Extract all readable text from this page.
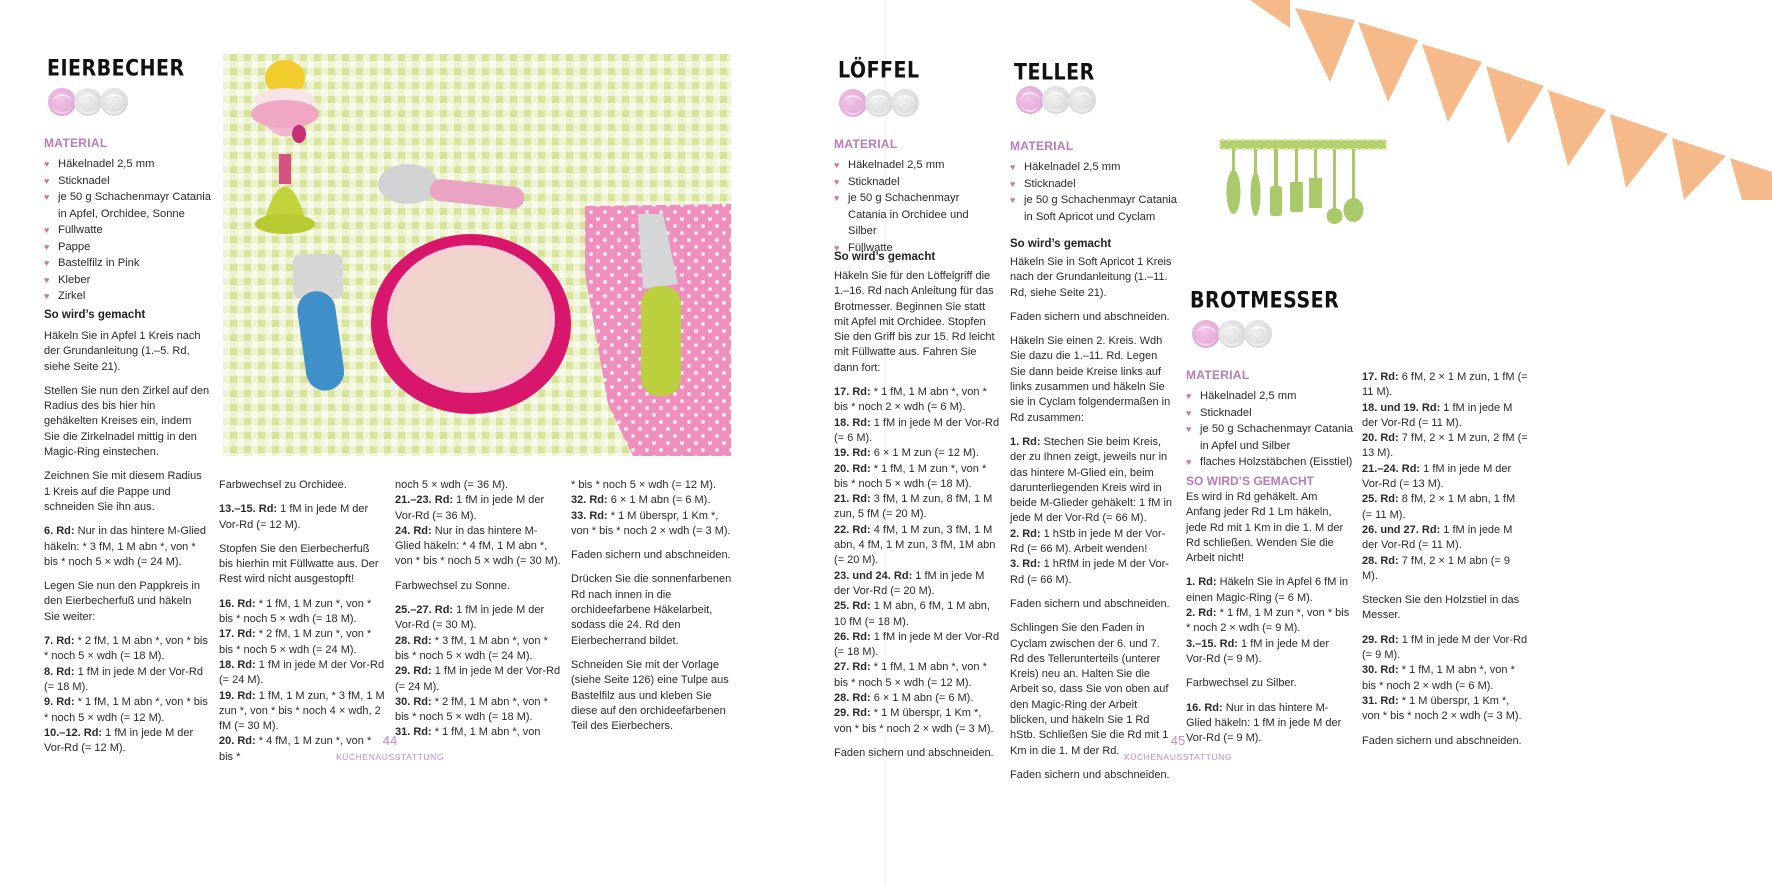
EIERBECHER
MATERIAL
♥ Häkelnadel 2,5 mm
♥ Sticknadel
♥ je 50 g Schachenmayr Catania in Apfel, Orchidee, Sonne
♥ Füllwatte
♥ Pappe
♥ Bastelfilz in Pink
♥ Kleber
♥ Zirkel
So wird’s gemacht

Häkeln Sie in Apfel 1 Kreis nach der Grundanleitung (1.–5. Rd, siehe Seite 21).

Stellen Sie nun den Zirkel auf den Radius des bis hier hin gehäkelten Kreises ein, indem Sie die Zirkelnadel mittig in den Magic-Ring einstechen.

Zeichnen Sie mit diesem Radius 1 Kreis auf die Pappe und schneiden Sie ihn aus.

6. Rd: Nur in das hintere M-Glied häkeln: * 3 fM, 1 M abn *, von * bis * noch 5 × wdh (= 24 M).

Legen Sie nun den Pappkreis in den Eierbecherfuß und häkeln Sie weiter:

7. Rd: * 2 fM, 1 M abn *, von * bis * noch 5 × wdh (= 18 M).
8. Rd: 1 fM in jede M der Vor-Rd (= 18 M).
9. Rd: * 1 fM, 1 M abn *, von * bis * noch 5 × wdh (= 12 M).
10.–12. Rd: 1 fM in jede M der Vor-Rd (= 12 M).

Farbwechsel zu Orchidee.

13.–15. Rd: 1 fM in jede M der Vor-Rd (= 12 M).

Stopfen Sie den Eierbecherfuß bis hierhin mit Füllwatte aus. Der Rest wird nicht ausgestopft!

16. Rd: * 1 fM, 1 M zun *, von * bis * noch 5 × wdh (= 18 M).
17. Rd: * 2 fM, 1 M zun *, von * bis * noch 5 × wdh (= 24 M).
18. Rd: 1 fM in jede M der Vor-Rd (= 24 M).
19. Rd: 1 fM, 1 M zun, * 3 fM, 1 M zun *, von * bis * noch 4 × wdh, 2 fM (= 30 M).
20. Rd: * 4 fM, 1 M zun *, von * bis *

noch 5 × wdh (= 36 M).
21.–23. Rd: 1 fM in jede M der Vor-Rd (= 36 M).
24. Rd: Nur in das hintere M-Glied häkeln: * 4 fM, 1 M abn *, von * bis * noch 5 × wdh (= 30 M).

Farbwechsel zu Sonne.

25.–27. Rd: 1 fM in jede M der Vor-Rd (= 30 M).
28. Rd: * 3 fM, 1 M abn *, von * bis * noch 5 × wdh (= 24 M).
29. Rd: 1 fM in jede M der Vor-Rd (= 24 M).
30. Rd: * 2 fM, 1 M abn *, von * bis * noch 5 × wdh (= 18 M).
31. Rd: * 1 fM, 1 M abn *, von

* bis * noch 5 × wdh (= 12 M).
32. Rd: 6 × 1 M abn (= 6 M).
33. Rd: * 1 M überspr, 1 Km *, von * bis * noch 2 × wdh (= 3 M).

Faden sichern und abschneiden.

Drücken Sie die sonnenfarbenen Rd nach innen in die orchideefarbene Häkelarbeit, sodass die 24. Rd den Eierbecherrand bildet.

Schneiden Sie mit der Vorlage (siehe Seite 126) eine Tulpe aus Bastelfilz aus und kleben Sie diese auf den orchideefarbenen Teil des Eierbechers.

44
KÜCHENAUSSTATTUNG
LÖFFEL
MATERIAL
♥ Häkelnadel 2,5 mm
♥ Sticknadel
♥ je 50 g Schachenmayr Catania in Orchidee und Silber
♥ Füllwatte
So wird’s gemacht

Häkeln Sie für den Löffelgriff die 1.–16. Rd nach Anleitung für das Brotmesser. Beginnen Sie statt mit Apfel mit Orchidee. Stopfen Sie den Griff bis zur 15. Rd leicht mit Füllwatte aus. Fahren Sie dann fort:

17. Rd: * 1 fM, 1 M abn *, von * bis * noch 2 × wdh (= 6 M).
18. Rd: 1 fM in jede M der Vor-Rd (= 6 M).
19. Rd: 6 × 1 M zun (= 12 M).
20. Rd: * 1 fM, 1 M zun *, von * bis * noch 5 × wdh (= 18 M).
21. Rd: 3 fM, 1 M zun, 8 fM, 1 M zun, 5 fM (= 20 M).
22. Rd: 4 fM, 1 M zun, 3 fM, 1 M abn, 4 fM, 1 M zun, 3 fM, 1M abn (= 20 M).
23. und 24. Rd: 1 fM in jede M der Vor-Rd (= 20 M).
25. Rd: 1 M abn, 6 fM, 1 M abn, 10 fM (= 18 M).
26. Rd: 1 fM in jede M der Vor-Rd (= 18 M).
27. Rd: * 1 fM, 1 M abn *, von * bis * noch 5 × wdh (= 12 M).
28. Rd: 6 × 1 M abn (= 6 M).
29. Rd: * 1 M überspr, 1 Km *, von * bis * noch 2 × wdh (= 3 M).

Faden sichern und abschneiden.

TELLER
MATERIAL
♥ Häkelnadel 2,5 mm
♥ Sticknadel
♥ je 50 g Schachenmayr Catania in Soft Apricot und Cyclam
So wird’s gemacht

Häkeln Sie in Soft Apricot 1 Kreis nach der Grundanleitung (1.–11. Rd, siehe Seite 21).

Faden sichern und abschneiden.

Häkeln Sie einen 2. Kreis. Wdh Sie dazu die 1.–11. Rd. Legen Sie dann beide Kreise links auf links zusammen und häkeln Sie sie in Cyclam folgendermaßen in Rd zusammen:

1. Rd: Stechen Sie beim Kreis, der zu Ihnen zeigt, jeweils nur in das hintere M-Glied ein, beim darunterliegenden Kreis wird in beide M-Glieder gehäkelt: 1 fM in jede M der Vor-Rd (= 66 M).
2. Rd: 1 hStb in jede M der Vor-Rd (= 66 M). Arbeit wenden!
3. Rd: 1 hRfM in jede M der Vor-Rd (= 66 M).

Faden sichern und abschneiden.

Schlingen Sie den Faden in Cyclam zwischen der 6. und 7. Rd des Tellerunterteils (unterer Kreis) neu an. Halten Sie die Arbeit so, dass Sie von oben auf den Magic-Ring der Arbeit blicken, und häkeln Sie 1 Rd hStb. Schließen Sie die Rd mit 1 Km in die 1. M der Rd.

Faden sichern und abschneiden.

BROTMESSER
MATERIAL
♥ Häkelnadel 2,5 mm
♥ Sticknadel
♥ je 50 g Schachenmayr Catania in Apfel und Silber
♥ flaches Holzstäbchen (Eisstiel)
SO WIRD’S GEMACHT

Es wird in Rd gehäkelt. Am Anfang jeder Rd 1 Lm häkeln, jede Rd mit 1 Km in die 1. M der Rd schließen. Wenden Sie die Arbeit nicht!

1. Rd: Häkeln Sie in Apfel 6 fM in einen Magic-Ring (= 6 M).
2. Rd: * 1 fM, 1 M zun *, von * bis * noch 2 × wdh (= 9 M).
3.–15. Rd: 1 fM in jede M der Vor-Rd (= 9 M).

Farbwechsel zu Silber.

16. Rd: Nur in das hintere M-Glied häkeln: 1 fM in jede M der Vor-Rd (= 9 M).

17. Rd: 6 fM, 2 × 1 M zun, 1 fM (= 11 M).
18. und 19. Rd: 1 fM in jede M der Vor-Rd (= 11 M).
20. Rd: 7 fM, 2 × 1 M zun, 2 fM (= 13 M).
21.–24. Rd: 1 fM in jede M der Vor-Rd (= 13 M).
25. Rd: 8 fM, 2 × 1 M abn, 1 fM (= 11 M).
26. und 27. Rd: 1 fM in jede M der Vor-Rd (= 11 M).
28. Rd: 7 fM, 2 × 1 M abn (= 9 M).

Stecken Sie den Holzstiel in das Messer.

29. Rd: 1 fM in jede M der Vor-Rd (= 9 M).
30. Rd: * 1 fM, 1 M abn *, von * bis * noch 2 × wdh (= 6 M).
31. Rd: * 1 M überspr, 1 Km *, von * bis * noch 2 × wdh (= 3 M).

Faden sichern und abschneiden.

45
KÜCHENAUSSTATTUNG
